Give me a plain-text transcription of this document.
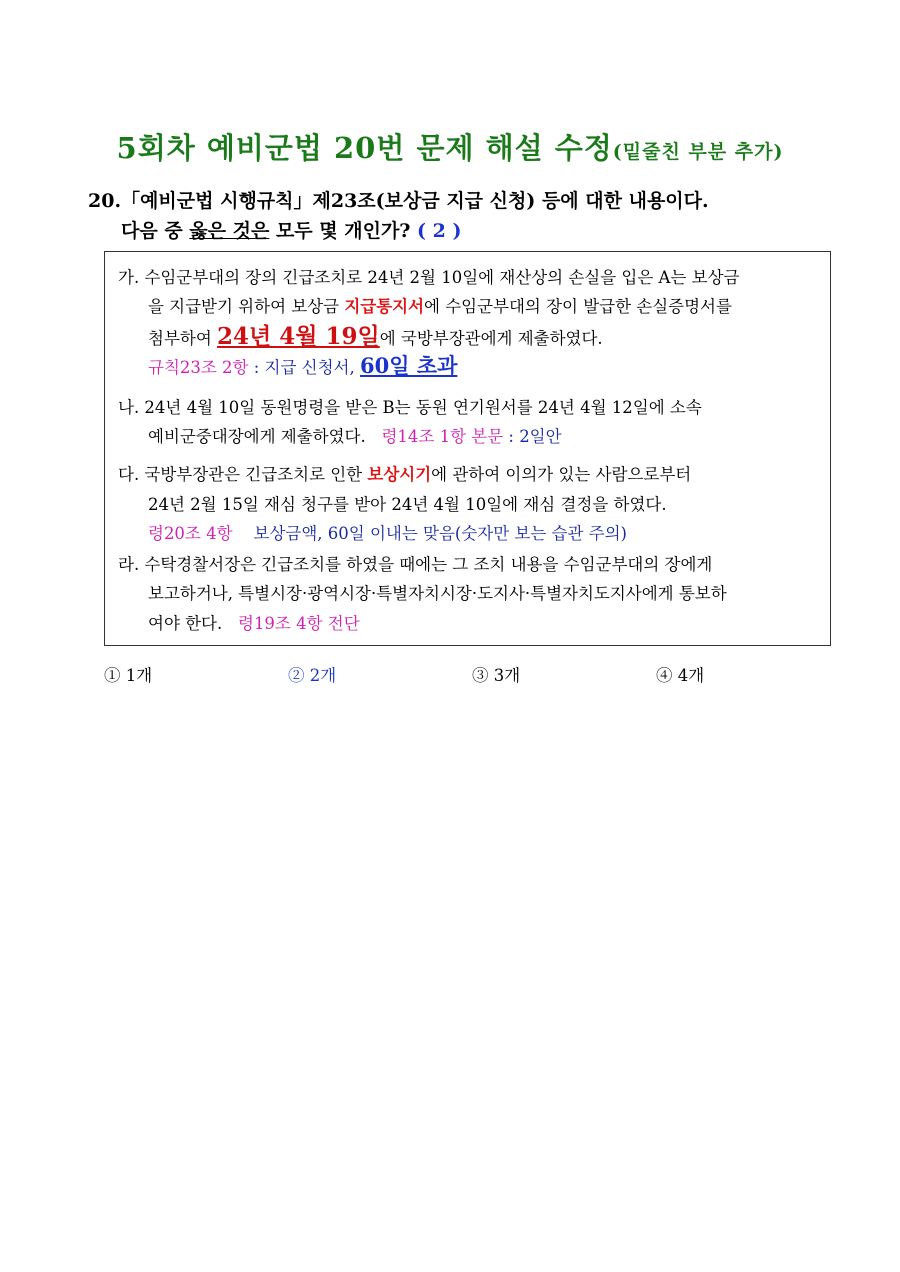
5회차 예비군법 20번 문제 해설 수정(밑줄친 부분 추가)
20.「예비군법 시행규칙」제23조(보상금 지급 신청) 등에 대한 내용이다.
다음 중 옳은 것은 모두 몇 개인가? ( 2 )
가. 수임군부대의 장의 긴급조치로 24년 2월 10일에 재산상의 손실을 입은 A는 보상금
을 지급받기 위하여 보상금 지급통지서에 수임군부대의 장이 발급한 손실증명서를
첨부하여 24년 4월 19일에 국방부장관에게 제출하였다.
규칙23조 2항 : 지급 신청서, 60일 초과
나. 24년 4월 10일 동원명령을 받은 B는 동원 연기원서를 24년 4월 12일에 소속
예비군중대장에게 제출하였다. 령14조 1항 본문 : 2일안
다. 국방부장관은 긴급조치로 인한 보상시기에 관하여 이의가 있는 사람으로부터
24년 2월 15일 재심 청구를 받아 24년 4월 10일에 재심 결정을 하였다.
령20조 4항 보상금액, 60일 이내는 맞음(숫자만 보는 습관 주의)
라. 수탁경찰서장은 긴급조치를 하였을 때에는 그 조치 내용을 수임군부대의 장에게
보고하거나, 특별시장·광역시장·특별자치시장·도지사·특별자치도지사에게 통보하
여야 한다. 령19조 4항 전단
① 1개	② 2개	③ 3개	④ 4개
